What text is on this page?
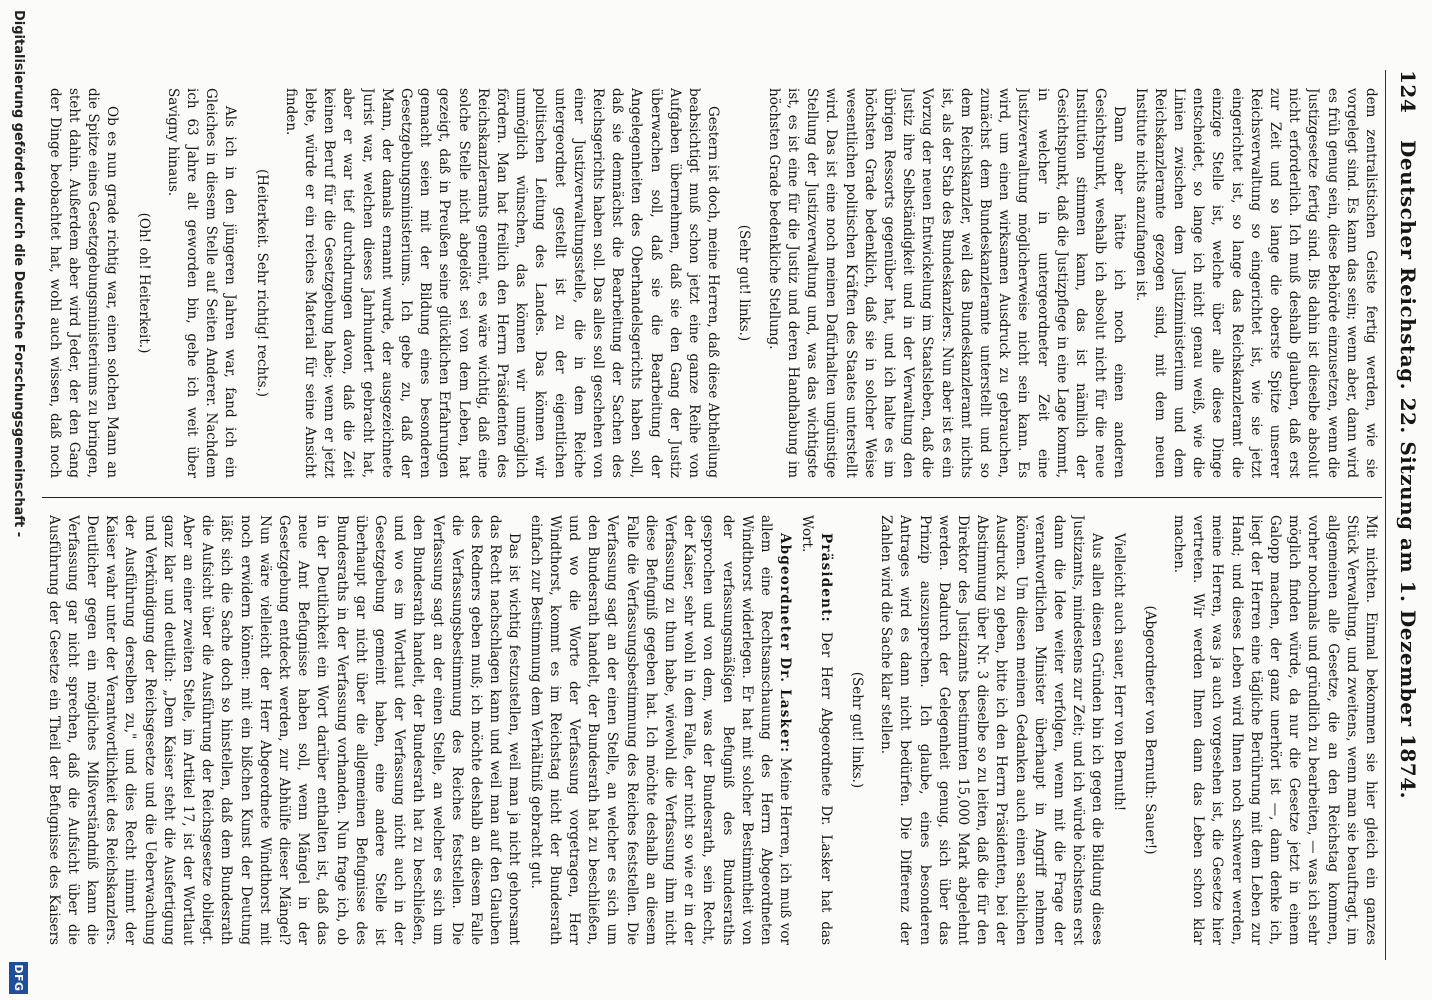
124
Deutscher Reichstag. 22. Sitzung am 1. Dezember 1874.

dem zentralistischen Geiste fertig werden, wie sie vorgelegt sind. Es kann das sein; wenn aber, dann wird es früh genug sein, diese Behörde einzusetzen, wenn die Justizgesetze fertig sind. Bis dahin ist dieselbe absolut nicht erforderlich. Ich muß deshalb glauben, daß erst zur Zeit und so lange die oberste Spitze unserer Reichsverwaltung so eingerichtet ist, wie sie jetzt eingerichtet ist, so lange das Reichskanzleramt die einzige Stelle ist, welche über alle diese Dinge entscheidet, so lange ich nicht genau weiß, wie die Linien zwischen dem Justizministerium und dem Reichskanzleramte gezogen sind, mit dem neuen Institute nichts anzufangen ist.

Dann aber hätte ich noch einen anderen Gesichtspunkt, weshalb ich absolut nicht für die neue Institution stimmen kann, das ist nämlich der Gesichtspunkt, daß die Justizpflege in eine Lage kommt, in welcher in untergeordneter Zeit eine Justizverwaltung möglicherweise nicht sein kann. Es wird, um einen wirksamen Ausdruck zu gebrauchen, zunächst dem Bundeskanzleramte unterstellt und so dem Reichskanzler, weil das Bundeskanzleramt nichts ist, als der Stab des Bundeskanzlers. Nun aber ist es ein Vorzug der neuen Entwickelung im Staatsleben, daß die Justiz ihre Selbständigkeit und in der Verwaltung den übrigen Ressorts gegenüber hat, und ich halte es im höchsten Grade bedenklich, daß sie in solcher Weise wesentlichen politischen Kräften des Staates unterstellt wird. Das ist eine noch meinen Dafürhalten ungünstige Stellung der Justizverwaltung und, was das wichtigste ist, es ist eine für die Justiz und deren Handhabung im höchsten Grade bedenkliche Stellung.

(Sehr gut! links.)

Gestern ist doch, meine Herren, daß diese Abtheilung beabsichtigt muß schon jetzt eine ganze Reihe von Aufgaben übernehmen, daß sie den Gang der Justiz überwachen soll, daß sie die Bearbeitung der Angelegenheiten des Oberhandelsgerichts haben soll, daß sie demnächst die Bearbeitung der Sachen des Reichsgerichts haben soll. Das alles soll geschehen von einer Justizverwaltungsstelle, die in dem Reiche untergeordnet gestellt ist zu der eigentlichen politischen Leitung des Landes. Das können wir unmöglich wünschen, das können wir unmöglich fördern. Man hat freilich den Herrn Präsidenten des Reichskanzleramts gemeint, es wäre wichtig, daß eine solche Stelle nicht abgelöst sei von dem Leben, hat gezeigt, daß in Preußen seine glücklichen Erfahrungen gemacht seien mit der Bildung eines besonderen Gesetzgebungsministeriums. Ich gebe zu, daß der Mann, der damals ernannt wurde, der ausgezeichnete Jurist war, welchen dieses Jahrhundert gebracht hat, aber er war tief durchdrungen davon, daß die Zeit keinen Beruf für die Gesetzgebung habe; wenn er jetzt lebte, würde er ein reiches Material für seine Ansicht finden.

(Heiterkeit. Sehr richtig! rechts.)

Als ich in den jüngeren Jahren war, fand ich ein Gleiches in diesem Stelle auf Seiten Anderer. Nachdem ich 63 Jahre alt geworden bin, gehe ich weit über Savigny hinaus.

(Oh! oh! Heiterkeit.)

Ob es nun grade richtig war, einen solchen Mann an die Spitze eines Gesetzgebungsministeriums zu bringen, steht dahin. Außerdem aber wird Jeder, der den Gang der Dinge beobachtet hat, wohl auch wissen, daß noch

Mit nichten. Einmal bekommen sie hier gleich ein ganzes Stück Verwaltung, und zweitens, wenn man sie beauftragt, im allgemeinen alle Gesetze, die an den Reichstag kommen, vorher nochmals und gründlich zu bearbeiten, — was ich sehr möglich finden würde, da nur die Gesetze jetzt in einem Galopp machen, der ganz unerhört ist —, dann denke ich, liegt der Herren eine tägliche Berührung mit dem Leben zur Hand; und dieses Leben wird Ihnen noch schwerer werden, meine Herren, was ja auch vorgesehen ist, die Gesetze hier vertreten. Wir werden Ihnen dann das Leben schon klar machen.

(Abgeordneter von Bernuth: Sauer!)

Vielleicht auch sauer, Herr von Bernuth!

Aus allen diesen Gründen bin ich gegen die Bildung dieses Justizamts, mindestens zur Zeit; und ich würde höchstens erst dann die Idee weiter verfolgen, wenn mit die Frage der verantwortlichen Minister überhaupt in Angriff nehmen können. Um diesen meinen Gedanken auch einen sachlichen Ausdruck zu geben, bitte ich den Herrn Präsidenten, bei der Abstimmung über Nr. 3 dieselbe so zu leiten, daß die für den Direktor des Justizamts bestimmten 15,000 Mark abgelehnt werden. Dadurch der Gelegenheit genug, sich über das Prinzip auszusprechen. Ich glaube, eines besonderen Antrages wird es dann nicht bedürfen. Die Differenz der Zahlen wird die Sache klar stellen.

(Sehr gut! links.)

Präsident: Der Herr Abgeordnete Dr. Lasker hat das Wort.

Abgeordneter Dr. Lasker: Meine Herren, ich muß vor allem eine Rechtsanschauung des Herrn Abgeordneten Windthorst widerlegen. Er hat mit solcher Bestimmtheit von der verfassungsmäßigen Befugniß des Bundesraths gesprochen und von dem, was der Bundesrath, sein Recht, der Kaiser, sehr wohl in dem Falle, der nicht so wie er in der Verfassung zu thun habe, wiewohl die Verfassung ihm nicht diese Befugniß gegeben hat. Ich möchte deshalb an diesem Falle die Verfassungsbestimmung des Reiches feststellen. Die Verfassung sagt an der einen Stelle, an welcher es sich um den Bundesrath handelt, der Bundesrath hat zu beschließen, und wo die Worte der Verfassung vorgetragen, Herr Windthorst, kommt es im Reichstag nicht der Bundesrath einfach zur Bestimmung dem Verhältniß gebracht gut.

Das ist wichtig festzustellen, weil man ja nicht gehorsamt das Recht nachschlagen kann und weil man auf den Glauben des Redners geben muß; ich möchte deshalb an diesem Falle die Verfassungsbestimmung des Reiches feststellen. Die Verfassung sagt an der einen Stelle, an welcher es sich um den Bundesrath handelt, der Bundesrath hat zu beschließen, und wo es im Wortlaut der Verfassung nicht auch in der Gesetzgebung gemeint haben, eine andere Stelle ist überhaupt gar nicht über die allgemeinen Befugnisse des Bundesraths in der Verfassung vorhanden. Nun frage ich, ob in der Deutlichkeit ein Wort darüber enthalten ist, daß das neue Amt Befugnisse haben soll, wenn Mängel in der Gesetzgebung entdeckt werden, zur Abhülfe dieser Mängel? Nun wäre vielleicht der Herr Abgeordnete Windthorst mit noch erwidern können: mit ein bißchen Kunst der Deutung läßt sich die Sache doch so hinstellen, daß dem Bundesrath die Aufsicht über die Ausführung der Reichsgesetze obliegt. Aber an einer zweiten Stelle, im Artikel 17, ist der Wortlaut ganz klar und deutlich: „Dem Kaiser steht die Ausfertigung und Verkündigung der Reichsgesetze und die Ueberwachung der Ausführung derselben zu," und dies Recht nimmt der Kaiser wahr unter der Verantwortlichkeit des Reichskanzlers. Deutlicher gegen ein mögliches Mißverständniß kann die Verfassung gar nicht sprechen, daß die Aufsicht über die Ausführung der Gesetze ein Theil der Befugnisse des Kaisers

Digitalisierung gefördert durch die Deutsche Forschungsgemeinschaft -
DFG
